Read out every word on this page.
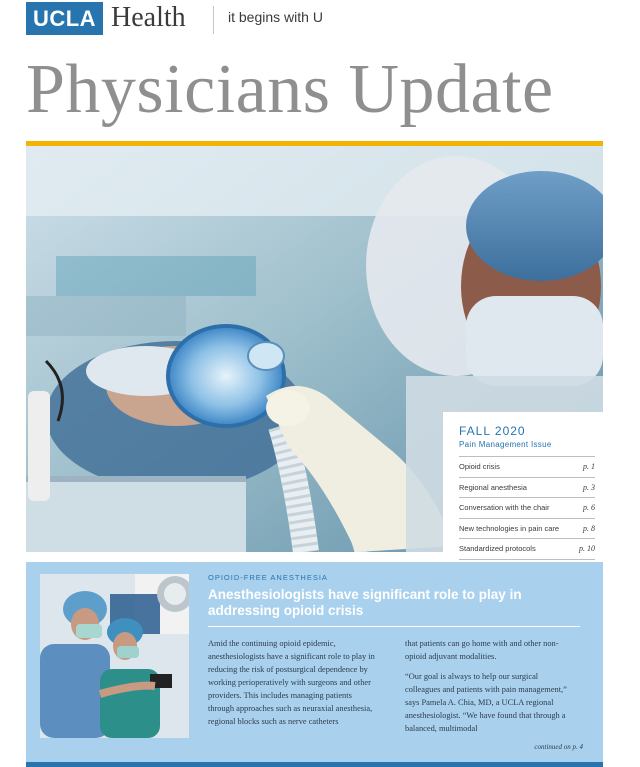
UCLA Health	it begins with U
Physicians Update
FALL 2020
Pain Management Issue
Opioid crisis	p. 1
Regional anesthesia	p. 3
Conversation with the chair	p. 6
New technologies in pain care	p. 8
Standardized protocols	p. 10
OPIOID-FREE ANESTHESIA
Anesthesiologists have significant role to play in addressing opioid crisis

Amid the continuing opioid epidemic, anesthesiologists have a significant role to play in reducing the risk of postsurgical dependence by working perioperatively with surgeons and other providers. This includes managing patients through approaches such as neuraxial anesthesia, regional blocks such as nerve catheters

that patients can go home with and other non-opioid adjuvant modalities.

“Our goal is always to help our surgical colleagues and patients with pain management,” says Pamela A. Chia, MD, a UCLA regional anesthesiologist. “We have found that through a balanced, multimodal

continued on p. 4
